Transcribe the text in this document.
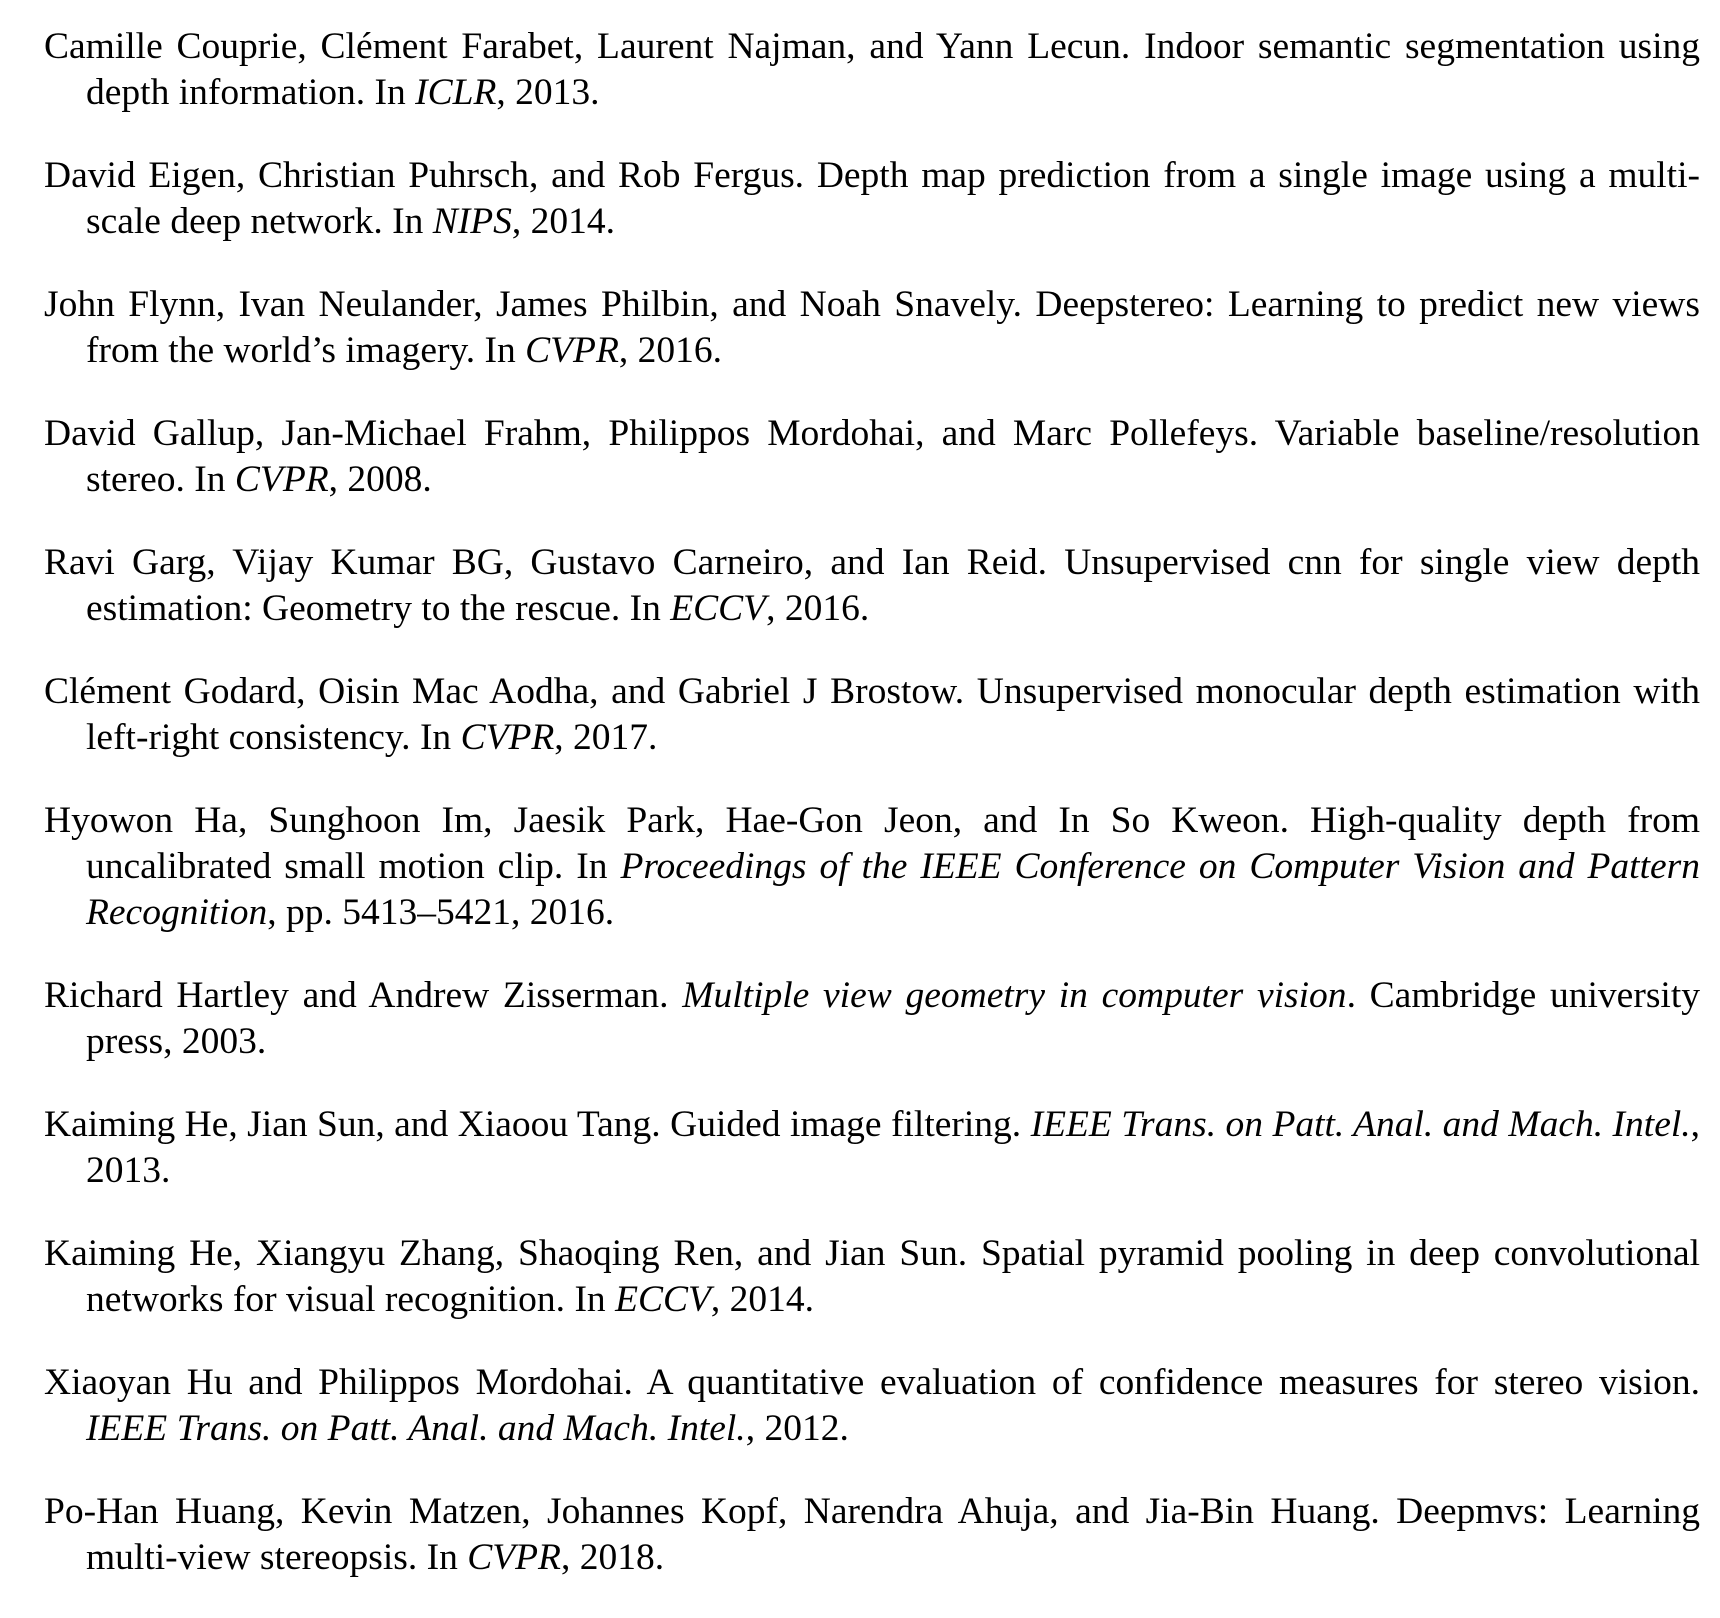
Camille Couprie, Clément Farabet, Laurent Najman, and Yann Lecun. Indoor semantic segmentation using depth information. In ICLR, 2013.
David Eigen, Christian Puhrsch, and Rob Fergus. Depth map prediction from a single image using a multi-scale deep network. In NIPS, 2014.
John Flynn, Ivan Neulander, James Philbin, and Noah Snavely. Deepstereo: Learning to predict new views from the world’s imagery. In CVPR, 2016.
David Gallup, Jan-Michael Frahm, Philippos Mordohai, and Marc Pollefeys. Variable baseline/resolution stereo. In CVPR, 2008.
Ravi Garg, Vijay Kumar BG, Gustavo Carneiro, and Ian Reid. Unsupervised cnn for single view depth estimation: Geometry to the rescue. In ECCV, 2016.
Clément Godard, Oisin Mac Aodha, and Gabriel J Brostow. Unsupervised monocular depth estimation with left-right consistency. In CVPR, 2017.
Hyowon Ha, Sunghoon Im, Jaesik Park, Hae-Gon Jeon, and In So Kweon. High-quality depth from uncalibrated small motion clip. In Proceedings of the IEEE Conference on Computer Vision and Pattern Recognition, pp. 5413–5421, 2016.
Richard Hartley and Andrew Zisserman. Multiple view geometry in computer vision. Cambridge university press, 2003.
Kaiming He, Jian Sun, and Xiaoou Tang. Guided image filtering. IEEE Trans. on Patt. Anal. and Mach. Intel., 2013.
Kaiming He, Xiangyu Zhang, Shaoqing Ren, and Jian Sun. Spatial pyramid pooling in deep convolutional networks for visual recognition. In ECCV, 2014.
Xiaoyan Hu and Philippos Mordohai. A quantitative evaluation of confidence measures for stereo vision. IEEE Trans. on Patt. Anal. and Mach. Intel., 2012.
Po-Han Huang, Kevin Matzen, Johannes Kopf, Narendra Ahuja, and Jia-Bin Huang. Deepmvs: Learning multi-view stereopsis. In CVPR, 2018.
